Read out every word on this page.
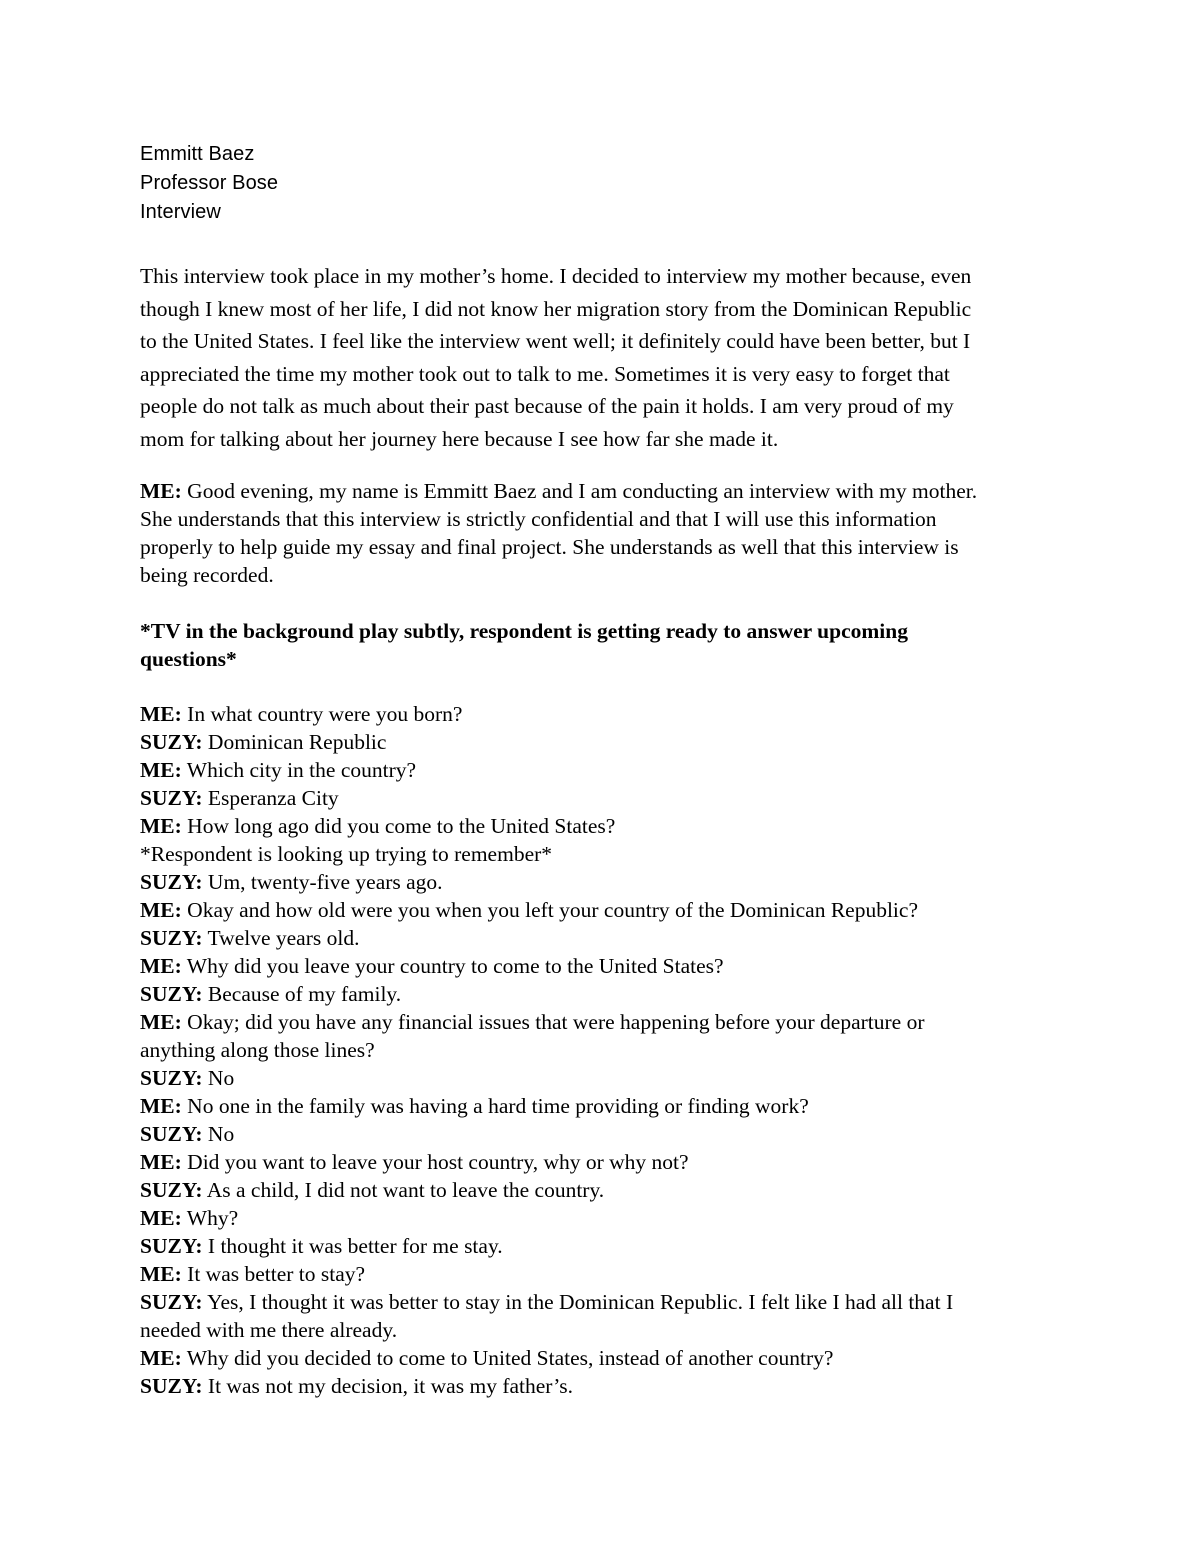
Emmitt Baez
Professor Bose
Interview
This interview took place in my mother’s home. I decided to interview my mother because, even
though I knew most of her life, I did not know her migration story from the Dominican Republic
to the United States. I feel like the interview went well; it definitely could have been better, but I
appreciated the time my mother took out to talk to me. Sometimes it is very easy to forget that
people do not talk as much about their past because of the pain it holds. I am very proud of my
mom for talking about her journey here because I see how far she made it.
ME: Good evening, my name is Emmitt Baez and I am conducting an interview with my mother.
She understands that this interview is strictly confidential and that I will use this information
properly to help guide my essay and final project. She understands as well that this interview is
being recorded.
*TV in the background play subtly, respondent is getting ready to answer upcoming
questions*
ME: In what country were you born?
SUZY: Dominican Republic
ME: Which city in the country?
SUZY: Esperanza City
ME: How long ago did you come to the United States?
*Respondent is looking up trying to remember*
SUZY: Um, twenty-five years ago.
ME: Okay and how old were you when you left your country of the Dominican Republic?
SUZY: Twelve years old.
ME: Why did you leave your country to come to the United States?
SUZY: Because of my family.
ME: Okay; did you have any financial issues that were happening before your departure or
anything along those lines?
SUZY: No
ME: No one in the family was having a hard time providing or finding work?
SUZY: No
ME: Did you want to leave your host country, why or why not?
SUZY: As a child, I did not want to leave the country.
ME: Why?
SUZY: I thought it was better for me stay.
ME: It was better to stay?
SUZY: Yes, I thought it was better to stay in the Dominican Republic. I felt like I had all that I
needed with me there already.
ME: Why did you decided to come to United States, instead of another country?
SUZY: It was not my decision, it was my father’s.
